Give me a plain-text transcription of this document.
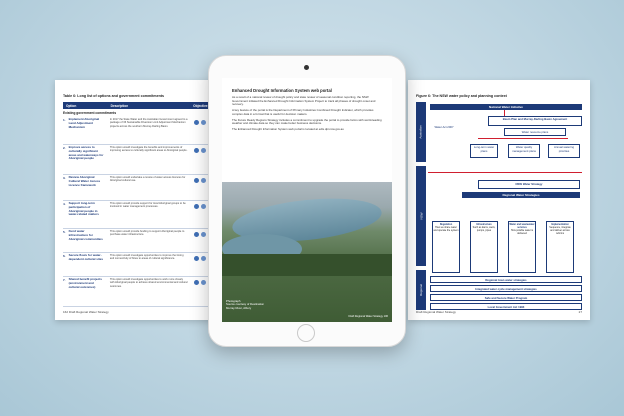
Table 6: Long list of options and government commitments
Option	Description	Objective
Existing government commitments
1.	Implement Aboriginal Land Adjustment Mechanism
In 2017 the State Water and the Australian Government agreed to a package of 36 Sustainable Diversion Limit Adjustment Mechanism projects across the southern Murray-Darling Basin.
2.	Improve access to culturally significant areas and waterways for Aboriginal people
This option would investigate the benefits and improvements of improving access to culturally significant areas to Aboriginal people.
3.	Review Aboriginal Cultural Water Access Licence framework
This option would undertake a review of water access licences for Aboriginal cultural use.
4.	Support long-term participation of Aboriginal people in water-related matters
This option would provide support for local Aboriginal groups to be involved in water management processes.
5.	Fund water infrastructure for Aboriginal communities
This option would provide funding to support Aboriginal people to purchase water infrastructure.
6.	Secure flows for water-dependent cultural sites
This option would investigate opportunities to improve the timing and connectivity of flows to areas of cultural significance.
7.	Shared benefit projects (environment and cultural outcomes)
This option would investigate opportunities to work more closely with Aboriginal people to achieve shared environmental and cultural outcomes.
162 Draft Regional Water Strategy
Figure 6: The NSW water policy and planning context
Australian
NSW
Regional
National Water Initiative
Basin Plan and Murray-Darling Basin Agreement
Water Act 2007
Water resource plans
Long-term water plans
Water quality management plans
Annual watering priorities
NSW Water Strategy
Regional Water Strategies
Regulation
How we share water and operate the system
Infrastructure
Such as dams, weirs, pumps, pipes
Water and wastewater services
How potable water is delivered
Implementation
Sequence, integrate and deliver across reforms
Regional town water strategies
Integrated water cycle management strategies
Safe and Secure Water Program
Local Government Act 1993
Draft Regional Water Strategy	27
Enhanced Drought Information System web portal
As a result of a national review of drought policy and state review of seasonal condition reporting, the NSW Government initiated the Enhanced Drought Information System Project to track all phases of drought onset and recovery.
A key feature of the portal is the Department of Primary Industries Combined Drought Indicator, which provides complex data in a format that is useful for decision makers.
The Future Ready Regions Strategy includes a commitment to upgrade the portal to provide farms with world-leading weather and climate data so they can make better business decisions.
The Enhanced Drought Information System web portal is located at edis.dpi.nsw.gov.au
Photograph
Source courtesy of Destination
Murray River, Albury
Draft Regional Water Strategy 106
